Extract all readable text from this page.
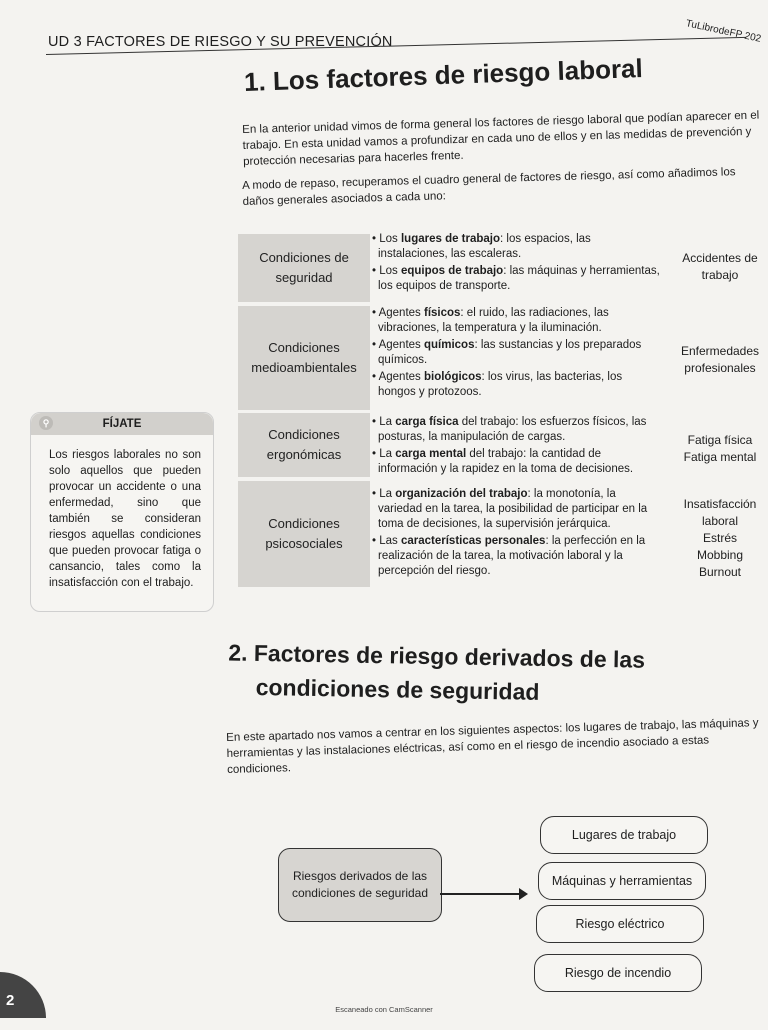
UD 3 FACTORES DE RIESGO Y SU PREVENCIÓN	TuLibrodeFP 202
1. Los factores de riesgo laboral

En la anterior unidad vimos de forma general los factores de riesgo laboral que podían aparecer en el trabajo. En esta unidad vamos a profundizar en cada uno de ellos y en las medidas de prevención y protección necesarias para hacerles frente.

A modo de repaso, recuperamos el cuadro general de factores de riesgo, así como añadimos los daños generales asociados a cada uno:

Condiciones de seguridad
Condiciones medioambientales
Condiciones ergonómicas
Condiciones psicosociales
• Los lugares de trabajo: los espacios, las instalaciones, las escaleras.
• Los equipos de trabajo: las máquinas y herramientas, los equipos de transporte.
• Agentes físicos: el ruido, las radiaciones, las vibraciones, la temperatura y la iluminación.
• Agentes químicos: las sustancias y los preparados químicos.
• Agentes biológicos: los virus, las bacterias, los hongos y protozoos.
• La carga física del trabajo: los esfuerzos físicos, las posturas, la manipulación de cargas.
• La carga mental del trabajo: la cantidad de información y la rapidez en la toma de decisiones.
• La organización del trabajo: la monotonía, la variedad en la tarea, la posibilidad de participar en la toma de decisiones, la supervisión jerárquica.
• Las características personales: la perfección en la realización de la tarea, la motivación laboral y la percepción del riesgo.
Accidentes de
trabajo
Enfermedades
profesionales
Fatiga física
Fatiga mental
Insatisfacción
laboral
Estrés
Mobbing
Burnout
⚲	FÍJATE
Los riesgos laborales no son solo aquellos que pueden provocar un accidente o una enfermedad, sino que también se consideran riesgos aquellas condiciones que pueden provocar fatiga o cansancio, tales como la insatisfacción con el trabajo.
2. Factores de riesgo derivados de las
condiciones de seguridad

En este apartado nos vamos a centrar en los siguientes aspectos: los lugares de trabajo, las máquinas y herramientas y las instalaciones eléctricas, así como en el riesgo de incendio asociado a estas condiciones.

Riesgos derivados de las condiciones de seguridad
Lugares de trabajo
Máquinas y herramientas
Riesgo eléctrico
Riesgo de incendio
2
Escaneado con CamScanner
